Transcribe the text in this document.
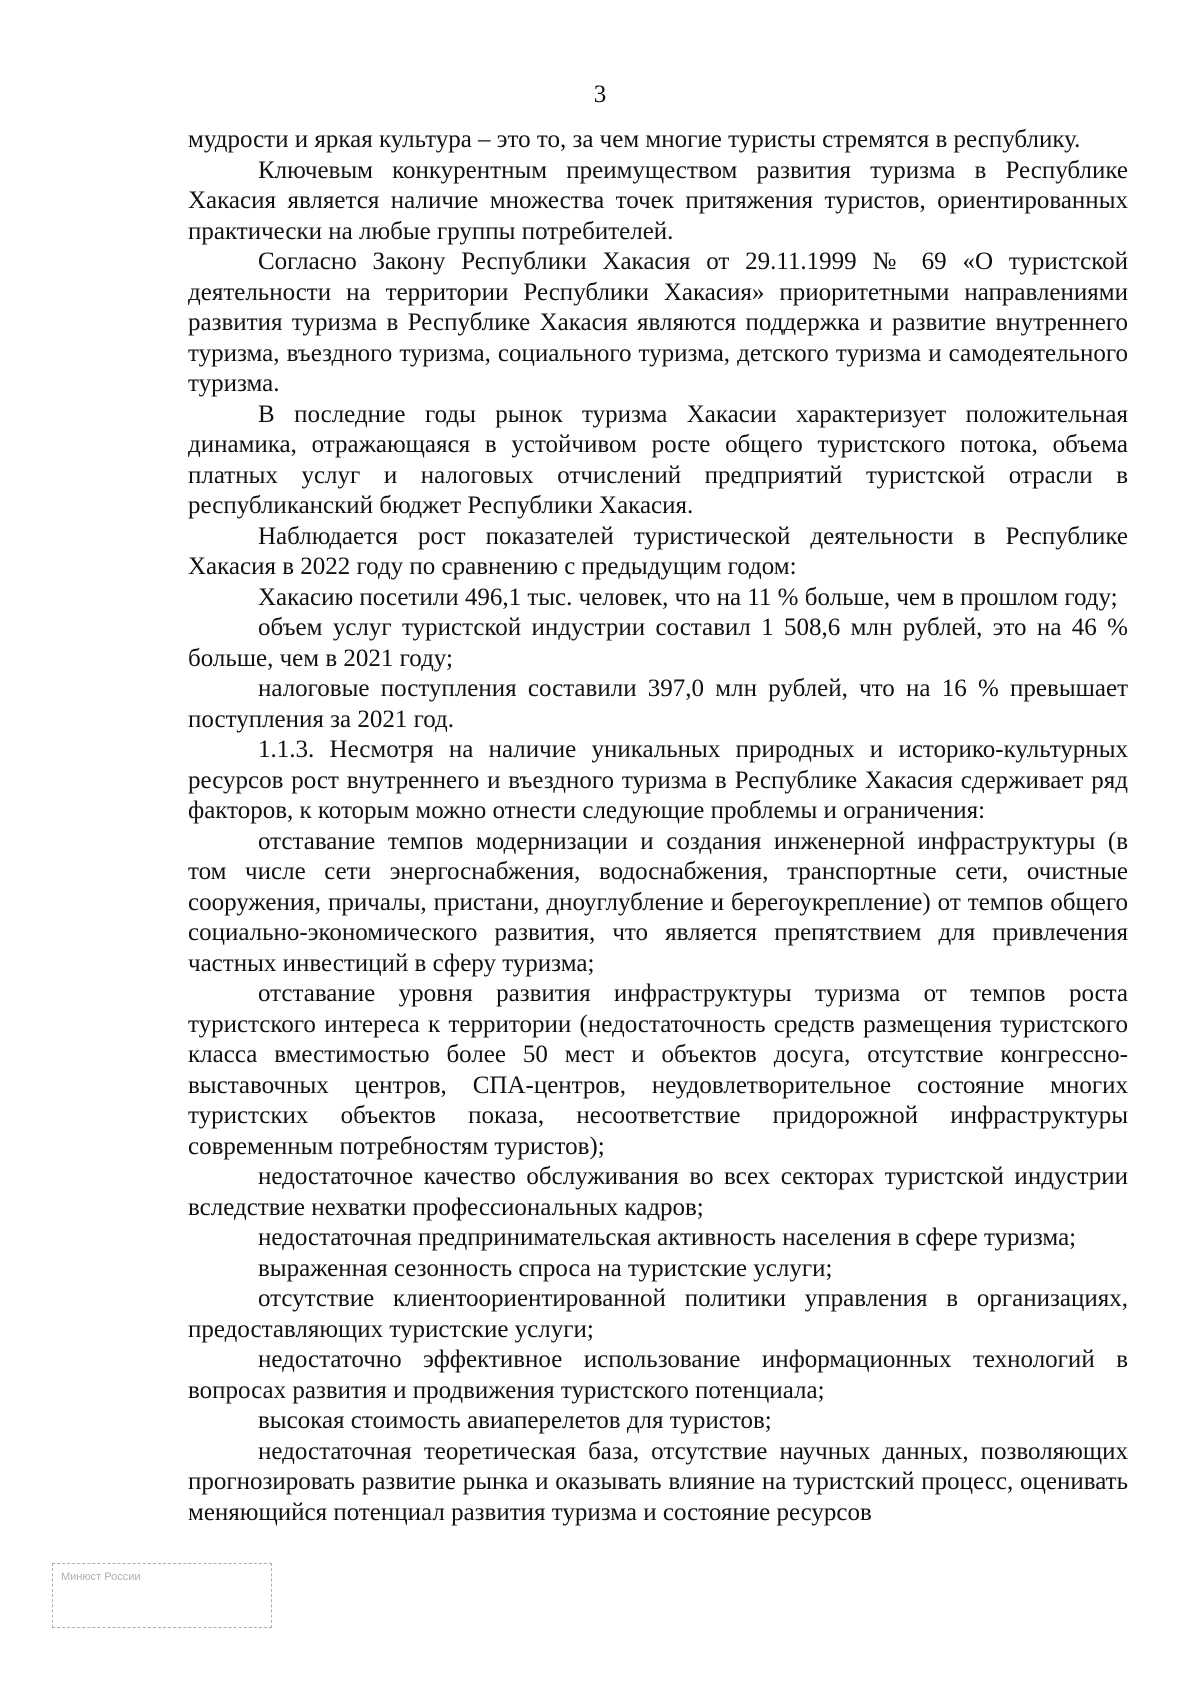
3

мудрости и яркая культура – это то, за чем многие туристы стремятся в республику.

Ключевым конкурентным преимуществом развития туризма в Республике Хакасия является наличие множества точек притяжения туристов, ориентированных практически на любые группы потребителей.

Согласно Закону Республики Хакасия от 29.11.1999 № 69 «О туристской деятельности на территории Республики Хакасия» приоритетными направлениями развития туризма в Республике Хакасия являются поддержка и развитие внутреннего туризма, въездного туризма, социального туризма, детского туризма и самодеятельного туризма.

В последние годы рынок туризма Хакасии характеризует положительная динамика, отражающаяся в устойчивом росте общего туристского потока, объема платных услуг и налоговых отчислений предприятий туристской отрасли в республиканский бюджет Республики Хакасия.

Наблюдается рост показателей туристической деятельности в Республике Хакасия в 2022 году по сравнению с предыдущим годом:

Хакасию посетили 496,1 тыс. человек, что на 11 % больше, чем в прошлом году;

объем услуг туристской индустрии составил 1 508,6 млн рублей, это на 46 % больше, чем в 2021 году;

налоговые поступления составили 397,0 млн рублей, что на 16 % превышает поступления за 2021 год.

1.1.3. Несмотря на наличие уникальных природных и историко-культурных ресурсов рост внутреннего и въездного туризма в Республике Хакасия сдерживает ряд факторов, к которым можно отнести следующие проблемы и ограничения:

отставание темпов модернизации и создания инженерной инфраструктуры (в том числе сети энергоснабжения, водоснабжения, транспортные сети, очистные сооружения, причалы, пристани, дноуглубление и берегоукрепление) от темпов общего социально-экономического развития, что является препятствием для привлечения частных инвестиций в сферу туризма;

отставание уровня развития инфраструктуры туризма от темпов роста туристского интереса к территории (недостаточность средств размещения туристского класса вместимостью более 50 мест и объектов досуга, отсутствие конгрессно-выставочных центров, СПА-центров, неудовлетворительное состояние многих туристских объектов показа, несоответствие придорожной инфраструктуры современным потребностям туристов);

недостаточное качество обслуживания во всех секторах туристской индустрии вследствие нехватки профессиональных кадров;

недостаточная предпринимательская активность населения в сфере туризма;

выраженная сезонность спроса на туристские услуги;

отсутствие клиентоориентированной политики управления в организациях, предоставляющих туристские услуги;

недостаточно эффективное использование информационных технологий в вопросах развития и продвижения туристского потенциала;

высокая стоимость авиаперелетов для туристов;

недостаточная теоретическая база, отсутствие научных данных, позволяющих прогнозировать развитие рынка и оказывать влияние на туристский процесс, оценивать меняющийся потенциал развития туризма и состояние ресурсов

Минюст России
